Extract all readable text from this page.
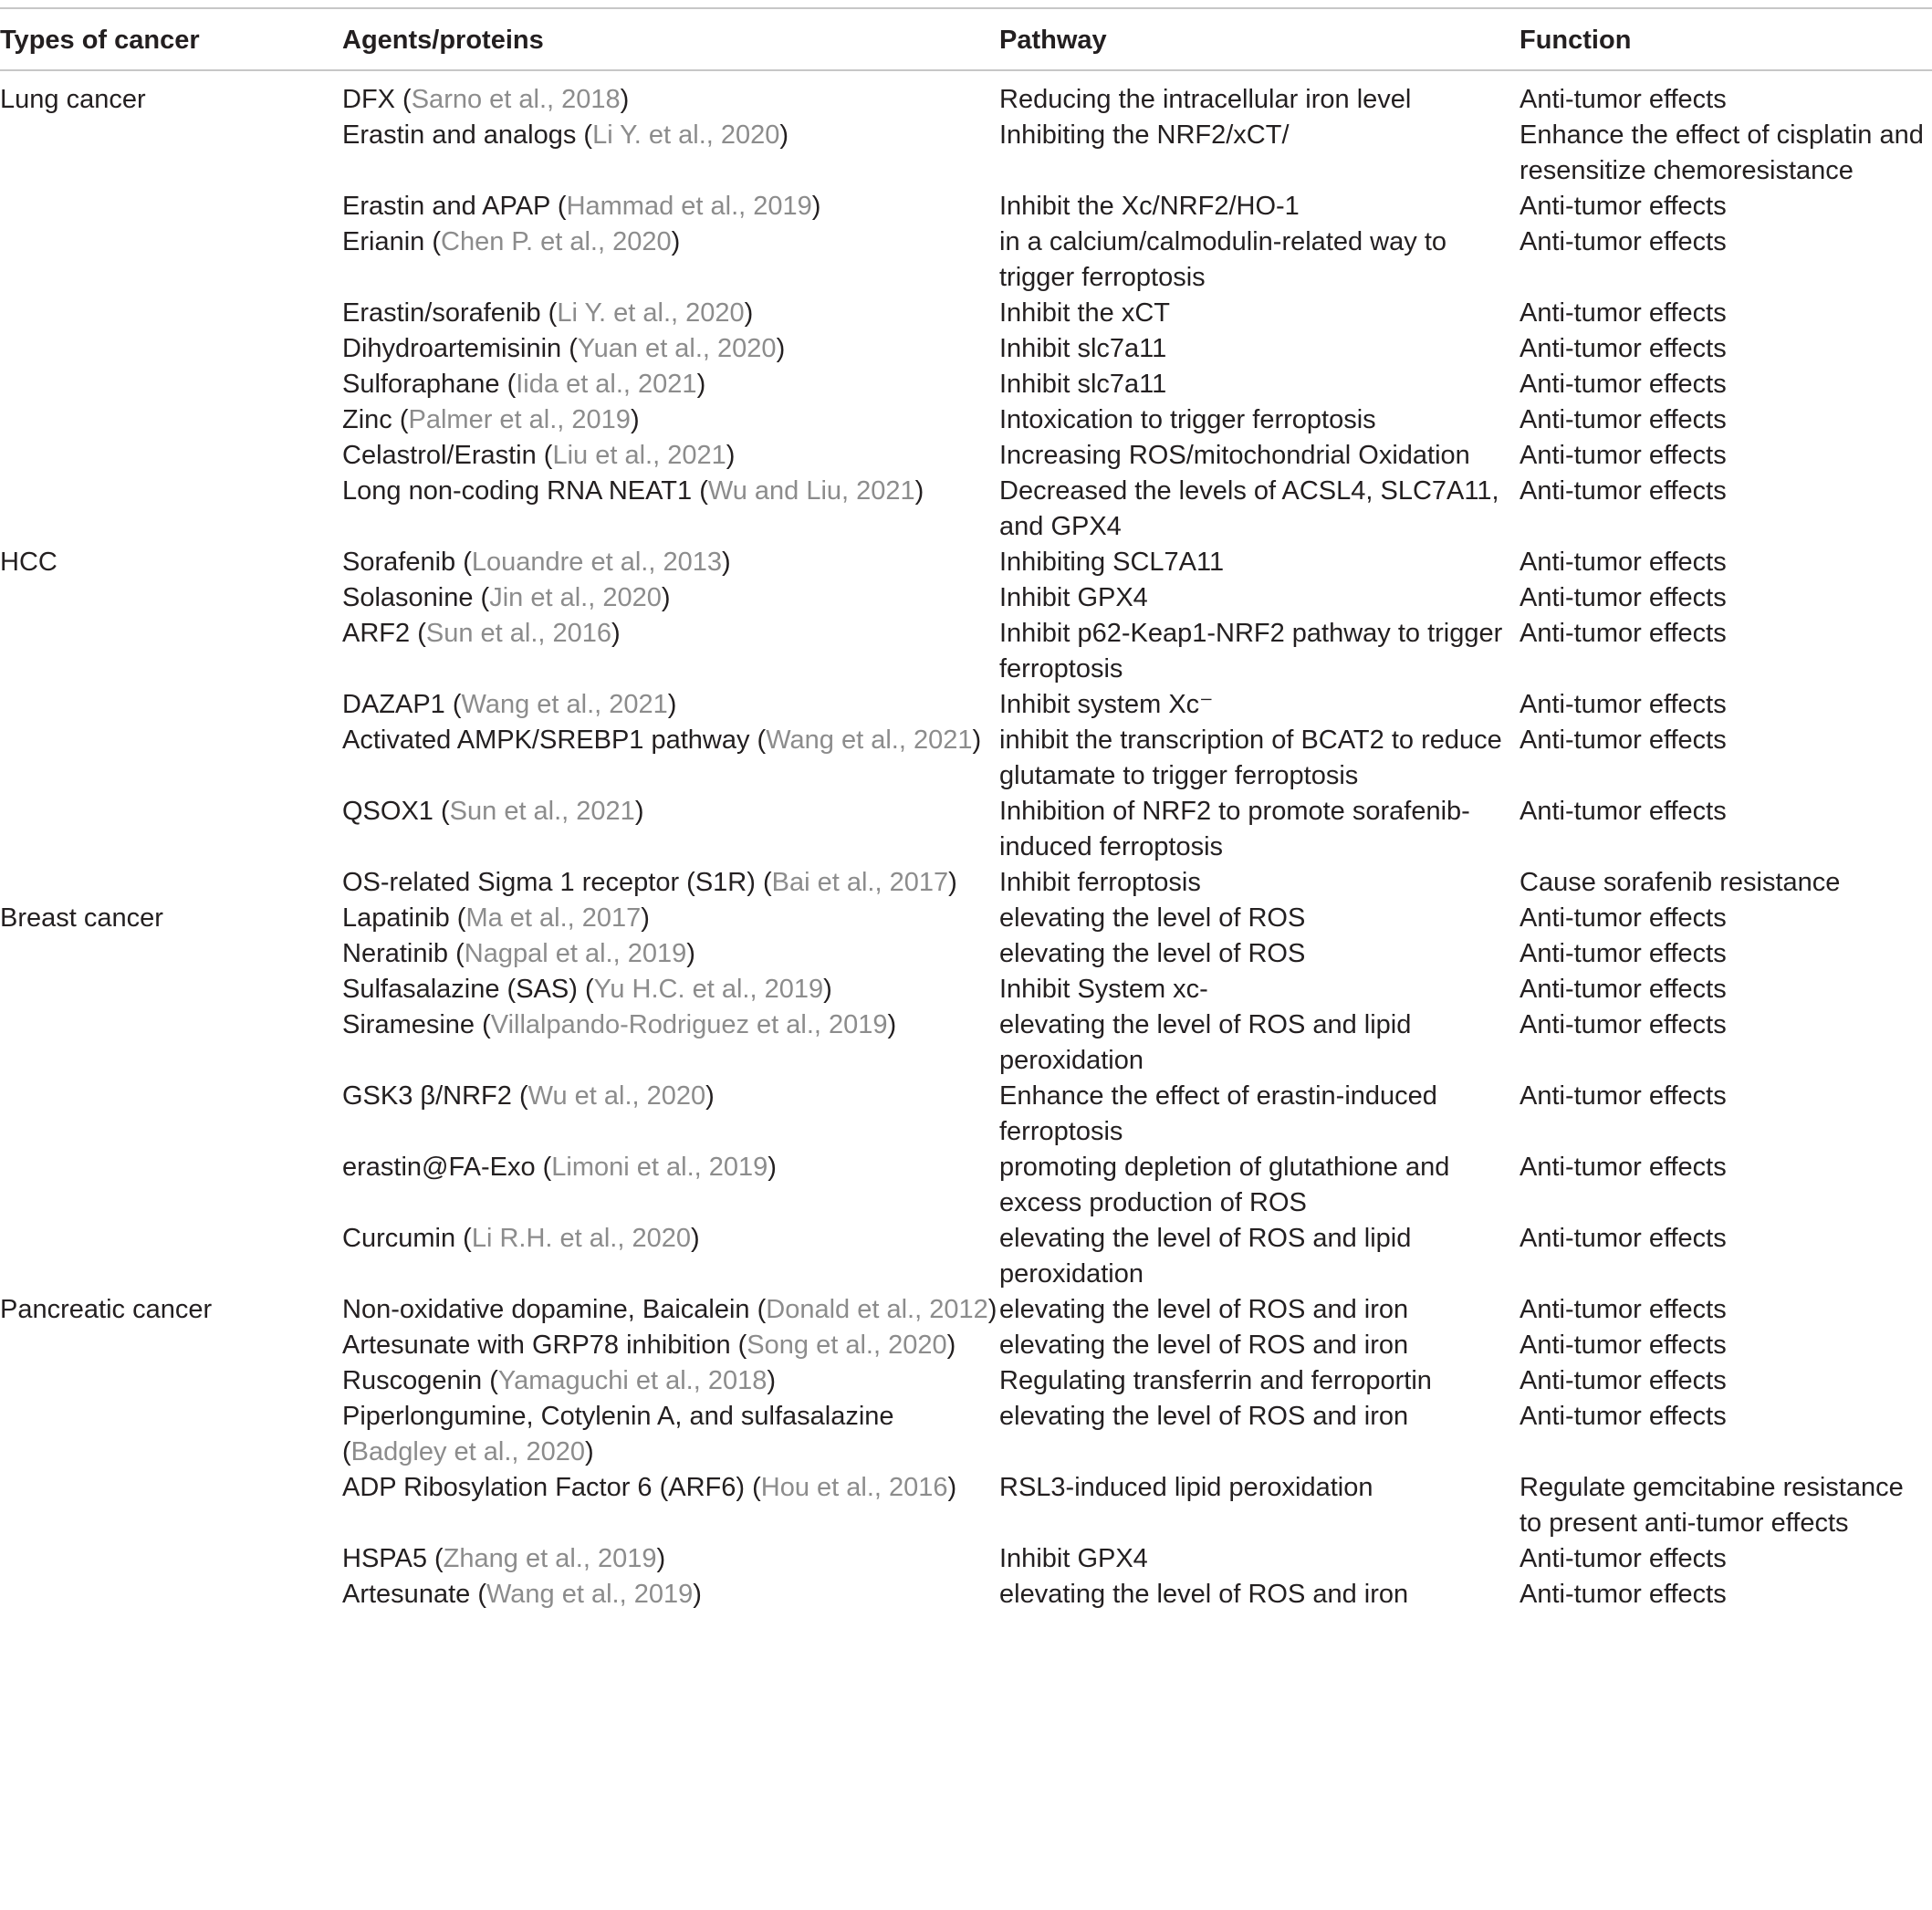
Types of cancer	Agents/proteins	Pathway	Function
Lung cancer	DFX (Sarno et al., 2018)	Reducing the intracellular iron level	Anti-tumor effects
	Erastin and analogs (Li Y. et al., 2020)	Inhibiting the NRF2/xCT/	Enhance the effect of cisplatin and resensitize chemoresistance
	Erastin and APAP (Hammad et al., 2019)	Inhibit the Xc/NRF2/HO-1	Anti-tumor effects
	Erianin (Chen P. et al., 2020)	in a calcium/calmodulin-related way to trigger ferroptosis	Anti-tumor effects
	Erastin/sorafenib (Li Y. et al., 2020)	Inhibit the xCT	Anti-tumor effects
	Dihydroartemisinin (Yuan et al., 2020)	Inhibit slc7a11	Anti-tumor effects
	Sulforaphane (Iida et al., 2021)	Inhibit slc7a11	Anti-tumor effects
	Zinc (Palmer et al., 2019)	Intoxication to trigger ferroptosis	Anti-tumor effects
	Celastrol/Erastin (Liu et al., 2021)	Increasing ROS/mitochondrial Oxidation	Anti-tumor effects
	Long non-coding RNA NEAT1 (Wu and Liu, 2021)	Decreased the levels of ACSL4, SLC7A11, and GPX4	Anti-tumor effects
HCC	Sorafenib (Louandre et al., 2013)	Inhibiting SCL7A11	Anti-tumor effects
	Solasonine (Jin et al., 2020)	Inhibit GPX4	Anti-tumor effects
	ARF2 (Sun et al., 2016)	Inhibit p62-Keap1-NRF2 pathway to trigger ferroptosis	Anti-tumor effects
	DAZAP1 (Wang et al., 2021)	Inhibit system Xc⁻	Anti-tumor effects
	Activated AMPK/SREBP1 pathway (Wang et al., 2021)	inhibit the transcription of BCAT2 to reduce glutamate to trigger ferroptosis	Anti-tumor effects
	QSOX1 (Sun et al., 2021)	Inhibition of NRF2 to promote sorafenib-induced ferroptosis	Anti-tumor effects
	OS-related Sigma 1 receptor (S1R) (Bai et al., 2017)	Inhibit ferroptosis	Cause sorafenib resistance
Breast cancer	Lapatinib (Ma et al., 2017)	elevating the level of ROS	Anti-tumor effects
	Neratinib (Nagpal et al., 2019)	elevating the level of ROS	Anti-tumor effects
	Sulfasalazine (SAS) (Yu H.C. et al., 2019)	Inhibit System xc-	Anti-tumor effects
	Siramesine (Villalpando-Rodriguez et al., 2019)	elevating the level of ROS and lipid peroxidation	Anti-tumor effects
	GSK3 β/NRF2 (Wu et al., 2020)	Enhance the effect of erastin-induced ferroptosis	Anti-tumor effects
	erastin@FA-Exo (Limoni et al., 2019)	promoting depletion of glutathione and excess production of ROS	Anti-tumor effects
	Curcumin (Li R.H. et al., 2020)	elevating the level of ROS and lipid peroxidation	Anti-tumor effects
Pancreatic cancer	Non-oxidative dopamine, Baicalein (Donald et al., 2012)	elevating the level of ROS and iron	Anti-tumor effects
	Artesunate with GRP78 inhibition (Song et al., 2020)	elevating the level of ROS and iron	Anti-tumor effects
	Ruscogenin (Yamaguchi et al., 2018)	Regulating transferrin and ferroportin	Anti-tumor effects
	Piperlongumine, Cotylenin A, and sulfasalazine (Badgley et al., 2020)	elevating the level of ROS and iron	Anti-tumor effects
	ADP Ribosylation Factor 6 (ARF6) (Hou et al., 2016)	RSL3-induced lipid peroxidation	Regulate gemcitabine resistance to present anti-tumor effects
	HSPA5 (Zhang et al., 2019)	Inhibit GPX4	Anti-tumor effects
	Artesunate (Wang et al., 2019)	elevating the level of ROS and iron	Anti-tumor effects
